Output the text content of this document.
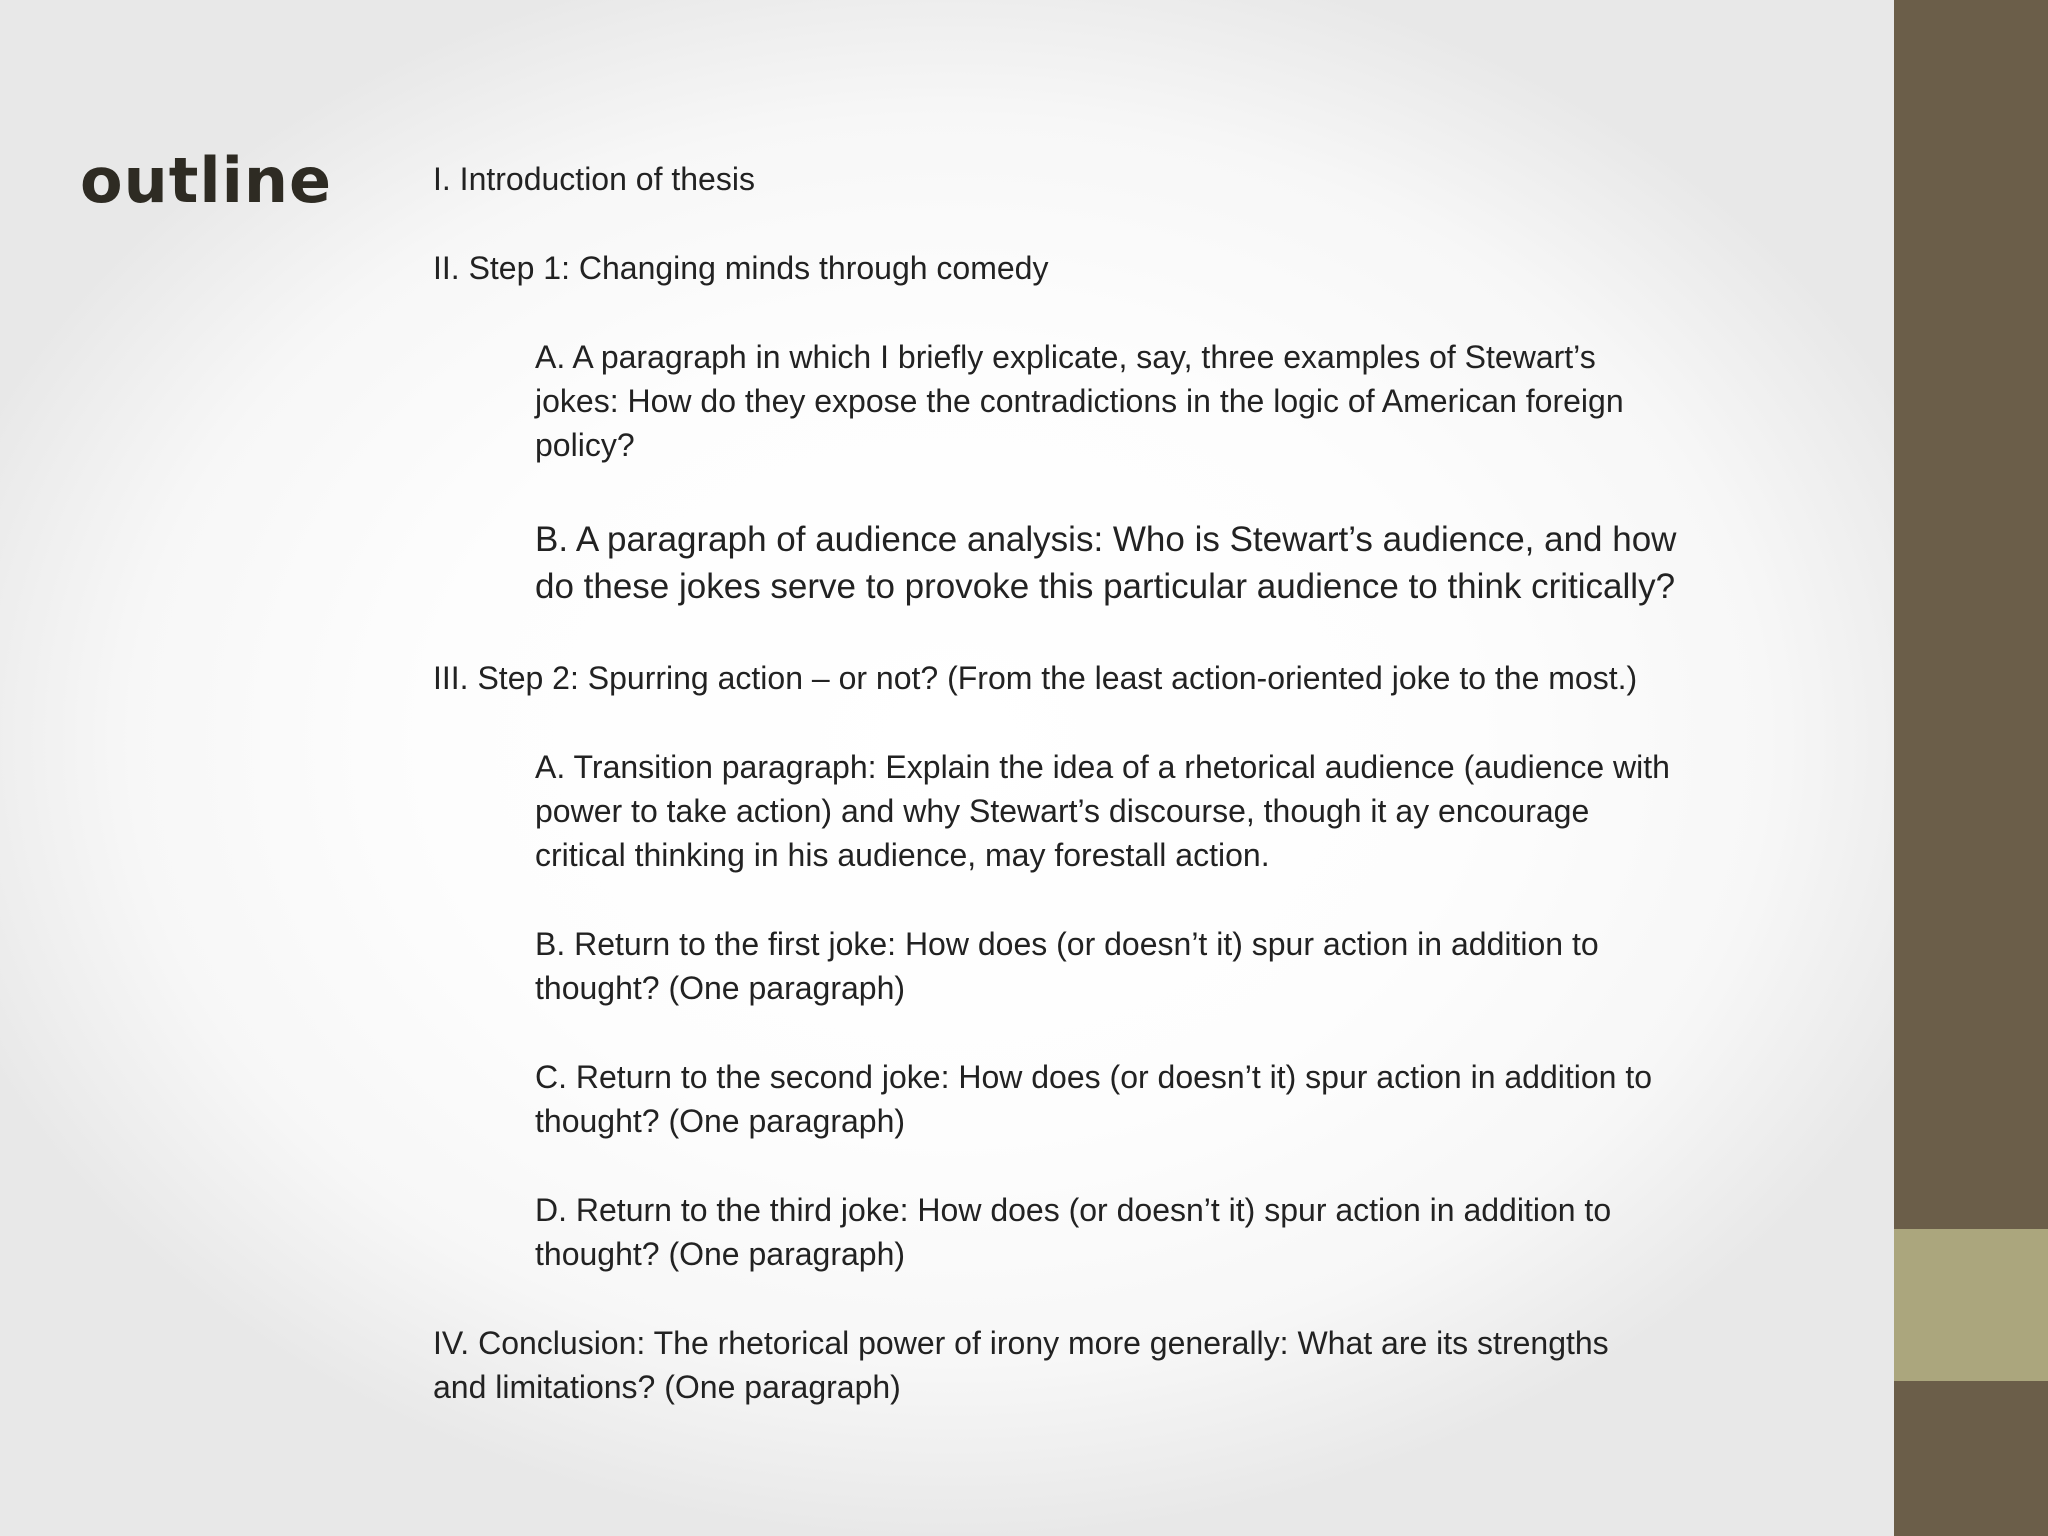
outline	I. Introduction of thesis
II. Step 1: Changing minds through comedy
A. A paragraph in which I briefly explicate, say, three examples of Stewart’s
jokes: How do they expose the contradictions in the logic of American foreign
policy?
B. A paragraph of audience analysis: Who is Stewart’s audience, and how
do these jokes serve to provoke this particular audience to think critically?
III. Step 2: Spurring action – or not? (From the least action-oriented joke to the most.)
A. Transition paragraph: Explain the idea of a rhetorical audience (audience with
power to take action) and why Stewart’s discourse, though it ay encourage
critical thinking in his audience, may forestall action.
B. Return to the first joke: How does (or doesn’t it) spur action in addition to
thought? (One paragraph)
C. Return to the second joke: How does (or doesn’t it) spur action in addition to
thought? (One paragraph)
D. Return to the third joke: How does (or doesn’t it) spur action in addition to
thought? (One paragraph)
IV. Conclusion: The rhetorical power of irony more generally: What are its strengths
and limitations? (One paragraph)
